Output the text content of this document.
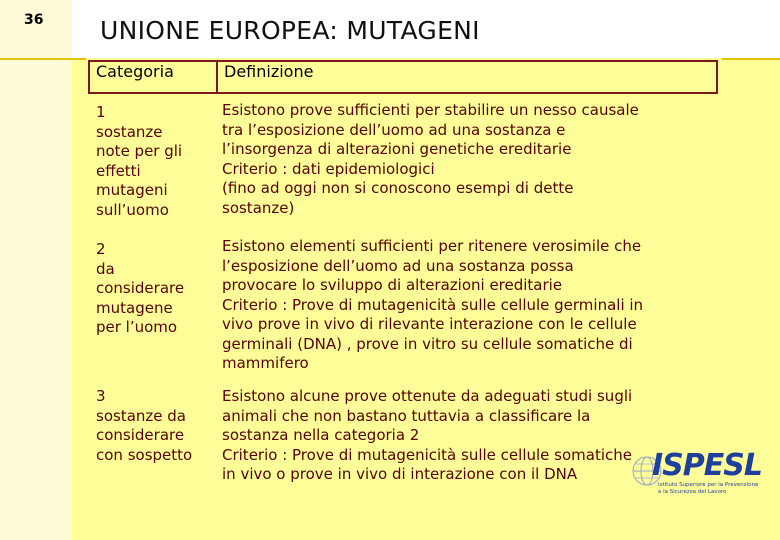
36 UNIONE EUROPEA: MUTAGENI
Categoria	Definizione
1
sostanze
note per gli
effetti
mutageni
sull’uomo
Esistono prove sufficienti per stabilire un nesso causale
tra l’esposizione dell’uomo ad una sostanza e
l’insorgenza di alterazioni genetiche ereditarie
Criterio : dati epidemiologici
(fino ad oggi non si conoscono esempi di dette
sostanze)
2
da
considerare
mutagene
per l’uomo
Esistono elementi sufficienti per ritenere verosimile che
l’esposizione dell’uomo ad una sostanza possa
provocare lo sviluppo di alterazioni ereditarie
Criterio : Prove di mutagenicità sulle cellule germinali in
vivo prove in vivo di rilevante interazione con le cellule
germinali (DNA) , prove in vitro su cellule somatiche di
mammifero
3
sostanze da
considerare
con sospetto
Esistono alcune prove ottenute da adeguati studi sugli
animali che non bastano tuttavia a classificare la
sostanza nella categoria 2
Criterio : Prove di mutagenicità sulle cellule somatiche
in vivo o prove in vivo di interazione con il DNA	ISPESL
Istituto Superiore per la Prevenzione
e la Sicurezza del Lavoro
